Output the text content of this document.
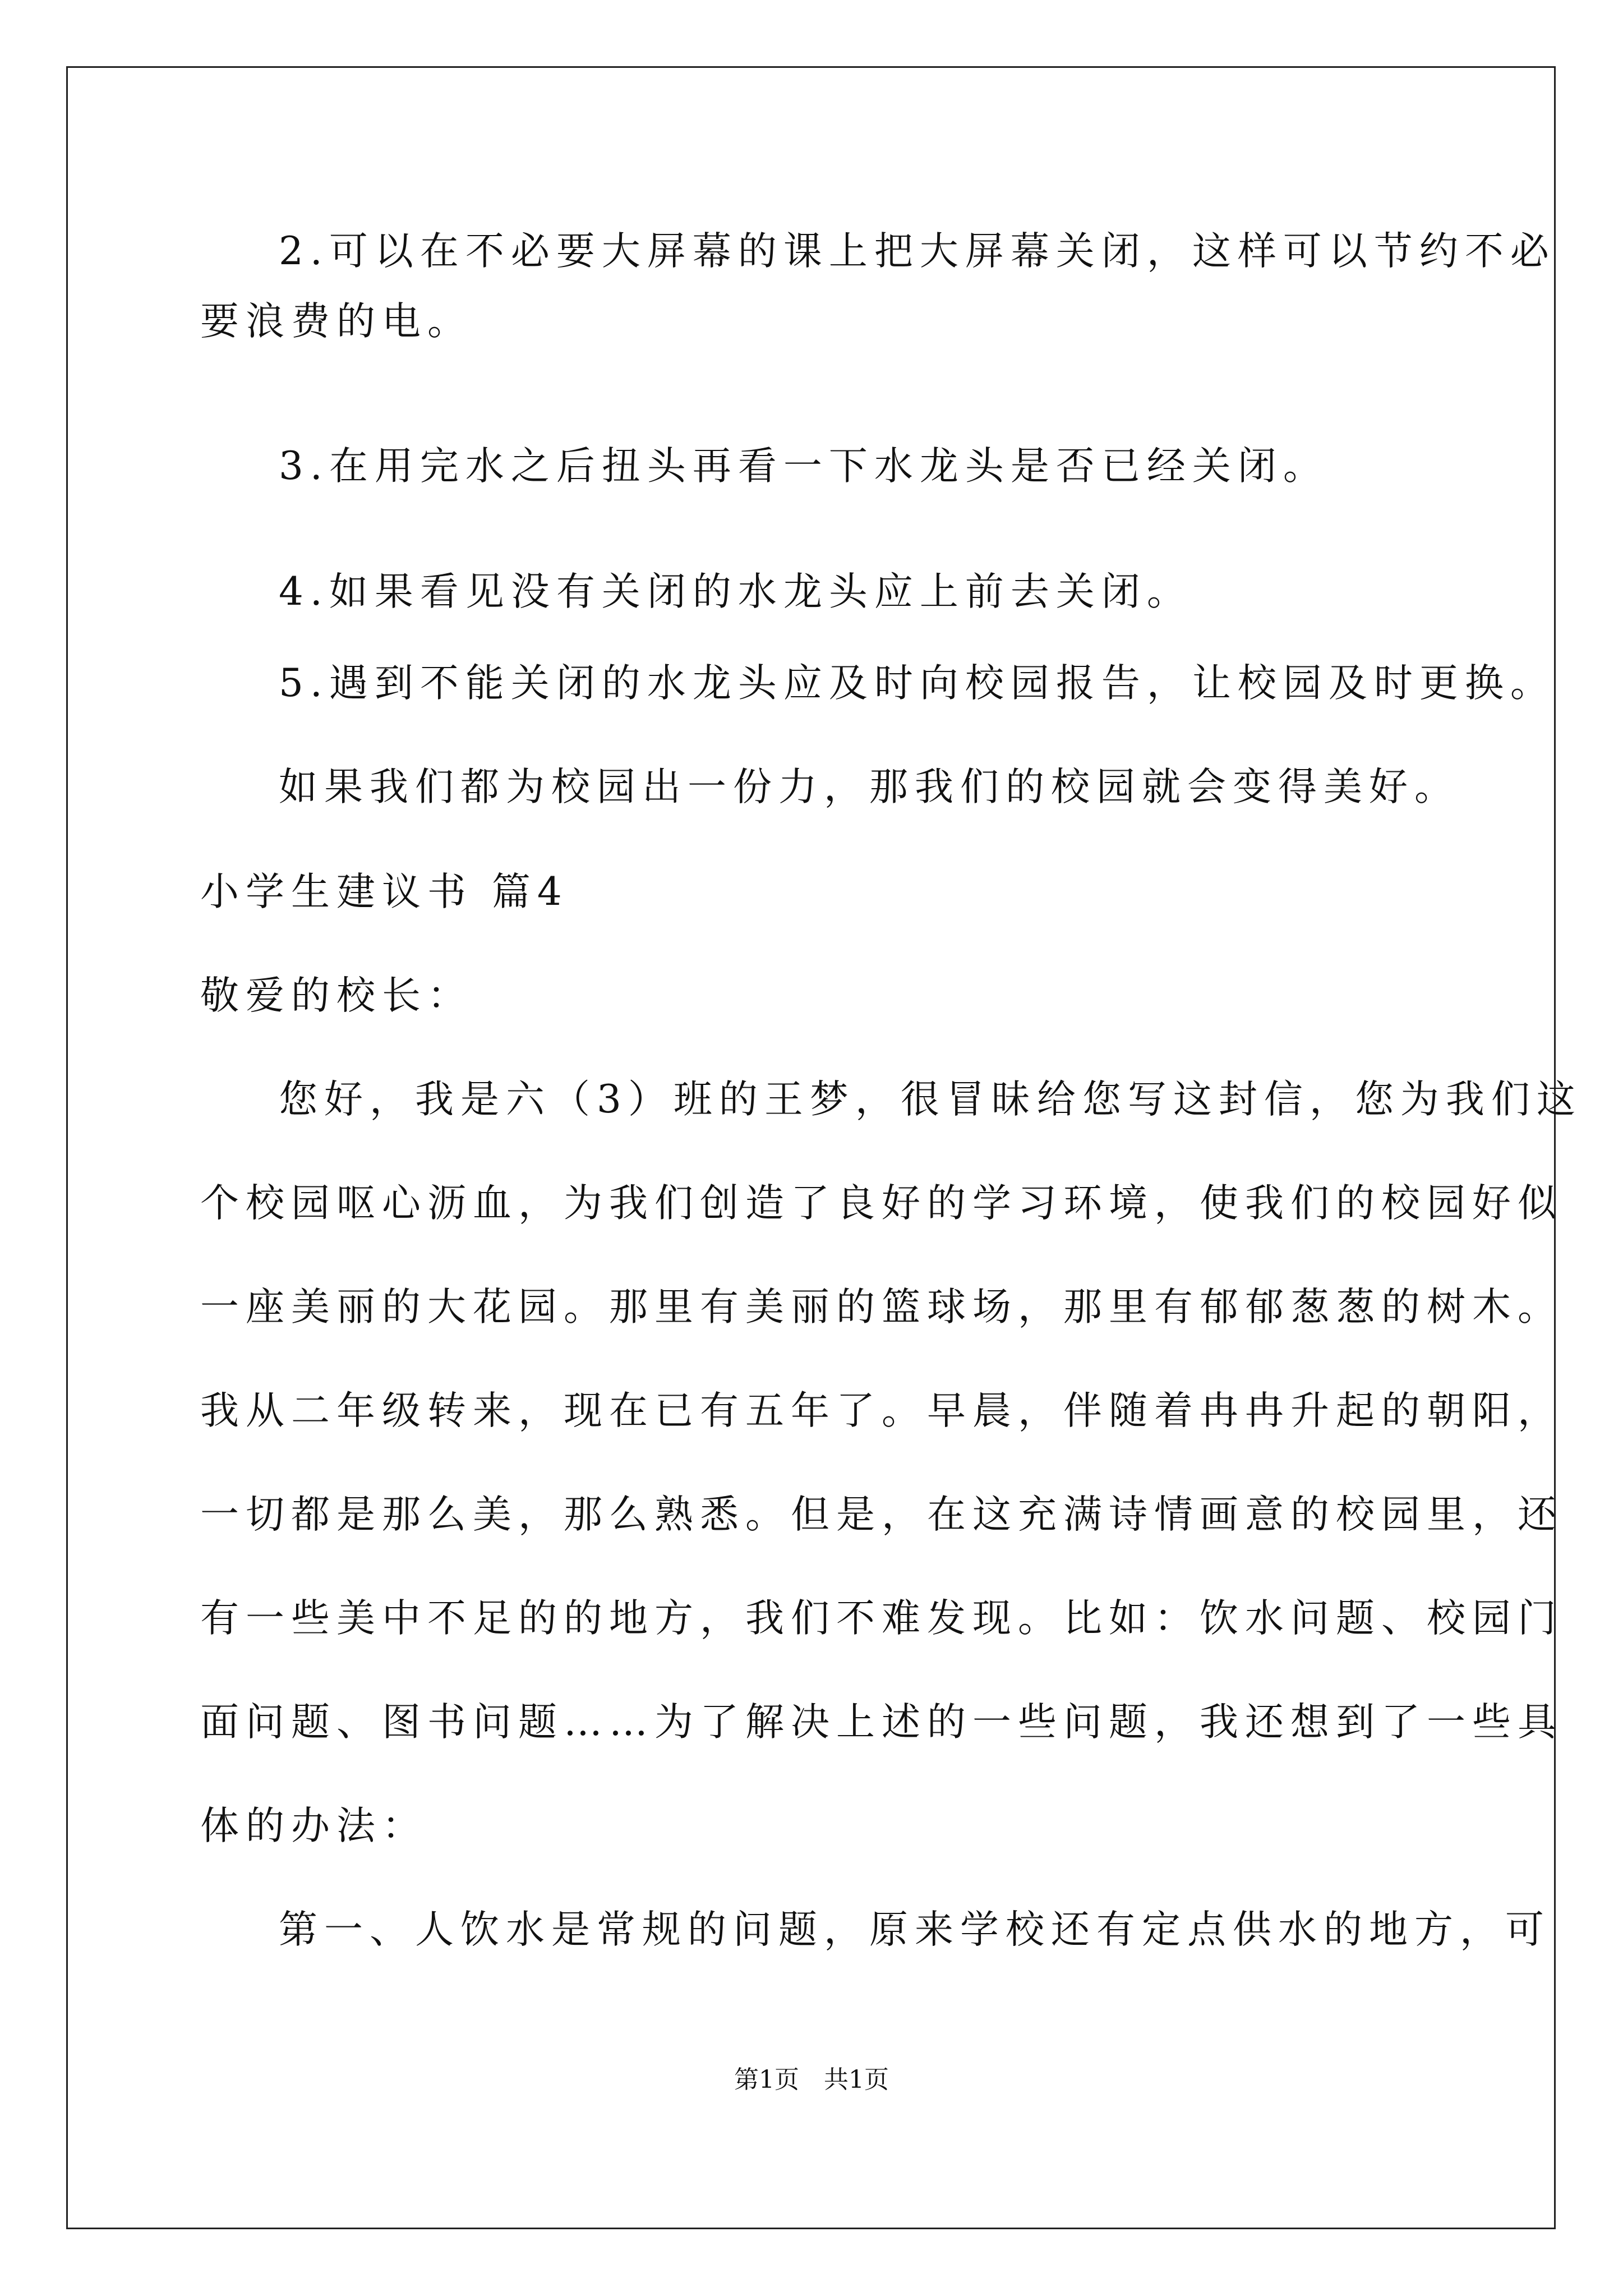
2.可以在不必要大屏幕的课上把大屏幕关闭，这样可以节约不必
要浪费的电。
3.在用完水之后扭头再看一下水龙头是否已经关闭。
4.如果看见没有关闭的水龙头应上前去关闭。
5.遇到不能关闭的水龙头应及时向校园报告，让校园及时更换。
如果我们都为校园出一份力，那我们的校园就会变得美好。
小学生建议书 篇4
敬爱的校长：
您好，我是六（3）班的王梦，很冒昧给您写这封信，您为我们这
个校园呕心沥血，为我们创造了良好的学习环境，使我们的校园好似
一座美丽的大花园。那里有美丽的篮球场，那里有郁郁葱葱的树木。
我从二年级转来，现在已有五年了。早晨，伴随着冉冉升起的朝阳，
一切都是那么美，那么熟悉。但是，在这充满诗情画意的校园里，还
有一些美中不足的的地方，我们不难发现。比如：饮水问题、校园门
面问题、图书问题……为了解决上述的一些问题，我还想到了一些具
体的办法：
第一、人饮水是常规的问题，原来学校还有定点供水的地方，可
第1页　共1页
